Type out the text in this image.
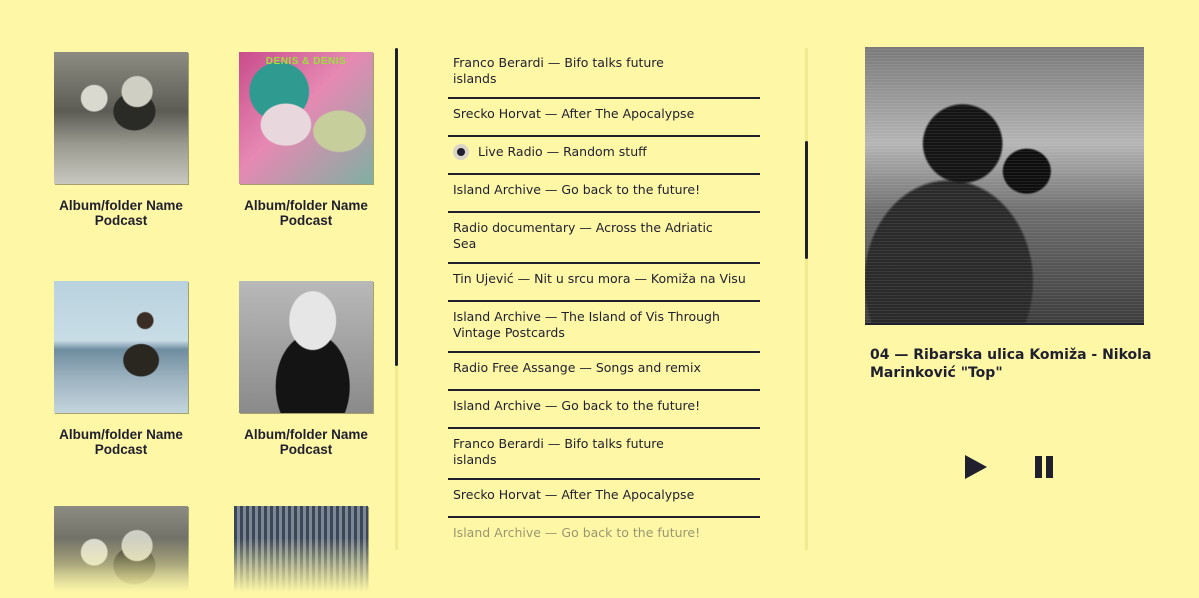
Album/folder Name
Podcast
DENIS & DENIS
Album/folder Name
Podcast
Album/folder Name
Podcast
Album/folder Name
Podcast
Franco Berardi — Bifo talks future islands
Srecko Horvat — After The Apocalypse
Live Radio — Random stuff
Island Archive — Go back to the future!
Radio documentary — Across the Adriatic Sea
Tin Ujević — Nit u srcu mora — Komiža na Visu
Island Archive — The Island of Vis Through Vintage Postcards
Radio Free Assange — Songs and remix
Island Archive — Go back to the future!
Franco Berardi — Bifo talks future islands
Srecko Horvat — After The Apocalypse
Island Archive — Go back to the future!
04 — Ribarska ulica Komiža - Nikola Marinković "Top"
